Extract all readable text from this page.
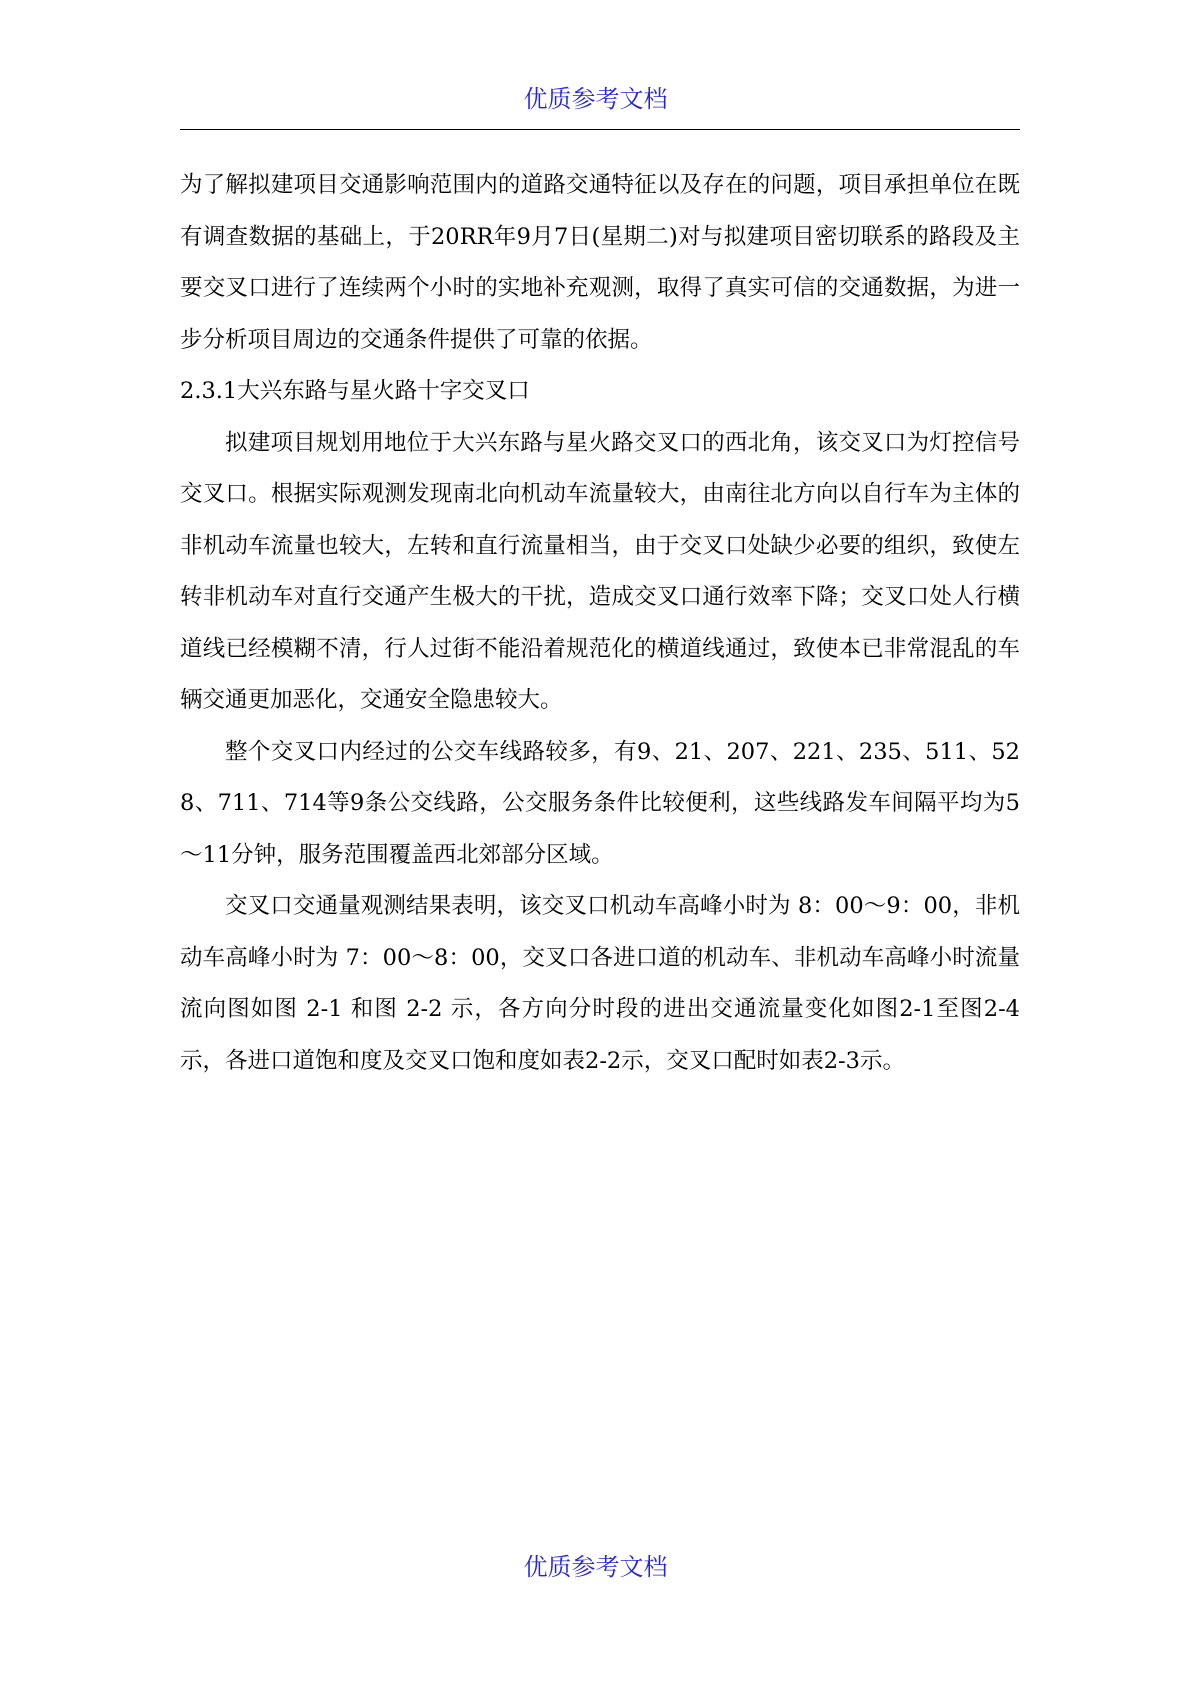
优质参考文档

为了解拟建项目交通影响范围内的道路交通特征以及存在的问题，项目承担单位在既有调查数据的基础上，于20RR年9月7日(星期二)对与拟建项目密切联系的路段及主要交叉口进行了连续两个小时的实地补充观测，取得了真实可信的交通数据，为进一步分析项目周边的交通条件提供了可靠的依据。

2.3.1大兴东路与星火路十字交叉口

拟建项目规划用地位于大兴东路与星火路交叉口的西北角，该交叉口为灯控信号交叉口。根据实际观测发现南北向机动车流量较大，由南往北方向以自行车为主体的非机动车流量也较大，左转和直行流量相当，由于交叉口处缺少必要的组织，致使左转非机动车对直行交通产生极大的干扰，造成交叉口通行效率下降；交叉口处人行横道线已经模糊不清，行人过街不能沿着规范化的横道线通过，致使本已非常混乱的车辆交通更加恶化，交通安全隐患较大。

整个交叉口内经过的公交车线路较多，有9、21、207、221、235、511、528、711、714等9条公交线路，公交服务条件比较便利，这些线路发车间隔平均为5～11分钟，服务范围覆盖西北郊部分区域。

交叉口交通量观测结果表明，该交叉口机动车高峰小时为 8：00～9：00，非机动车高峰小时为 7：00～8：00，交叉口各进口道的机动车、非机动车高峰小时流量流向图如图 2-1 和图 2-2 示，各方向分时段的进出交通流量变化如图2-1至图2-4示，各进口道饱和度及交叉口饱和度如表2-2示，交叉口配时如表2-3示。

优质参考文档
